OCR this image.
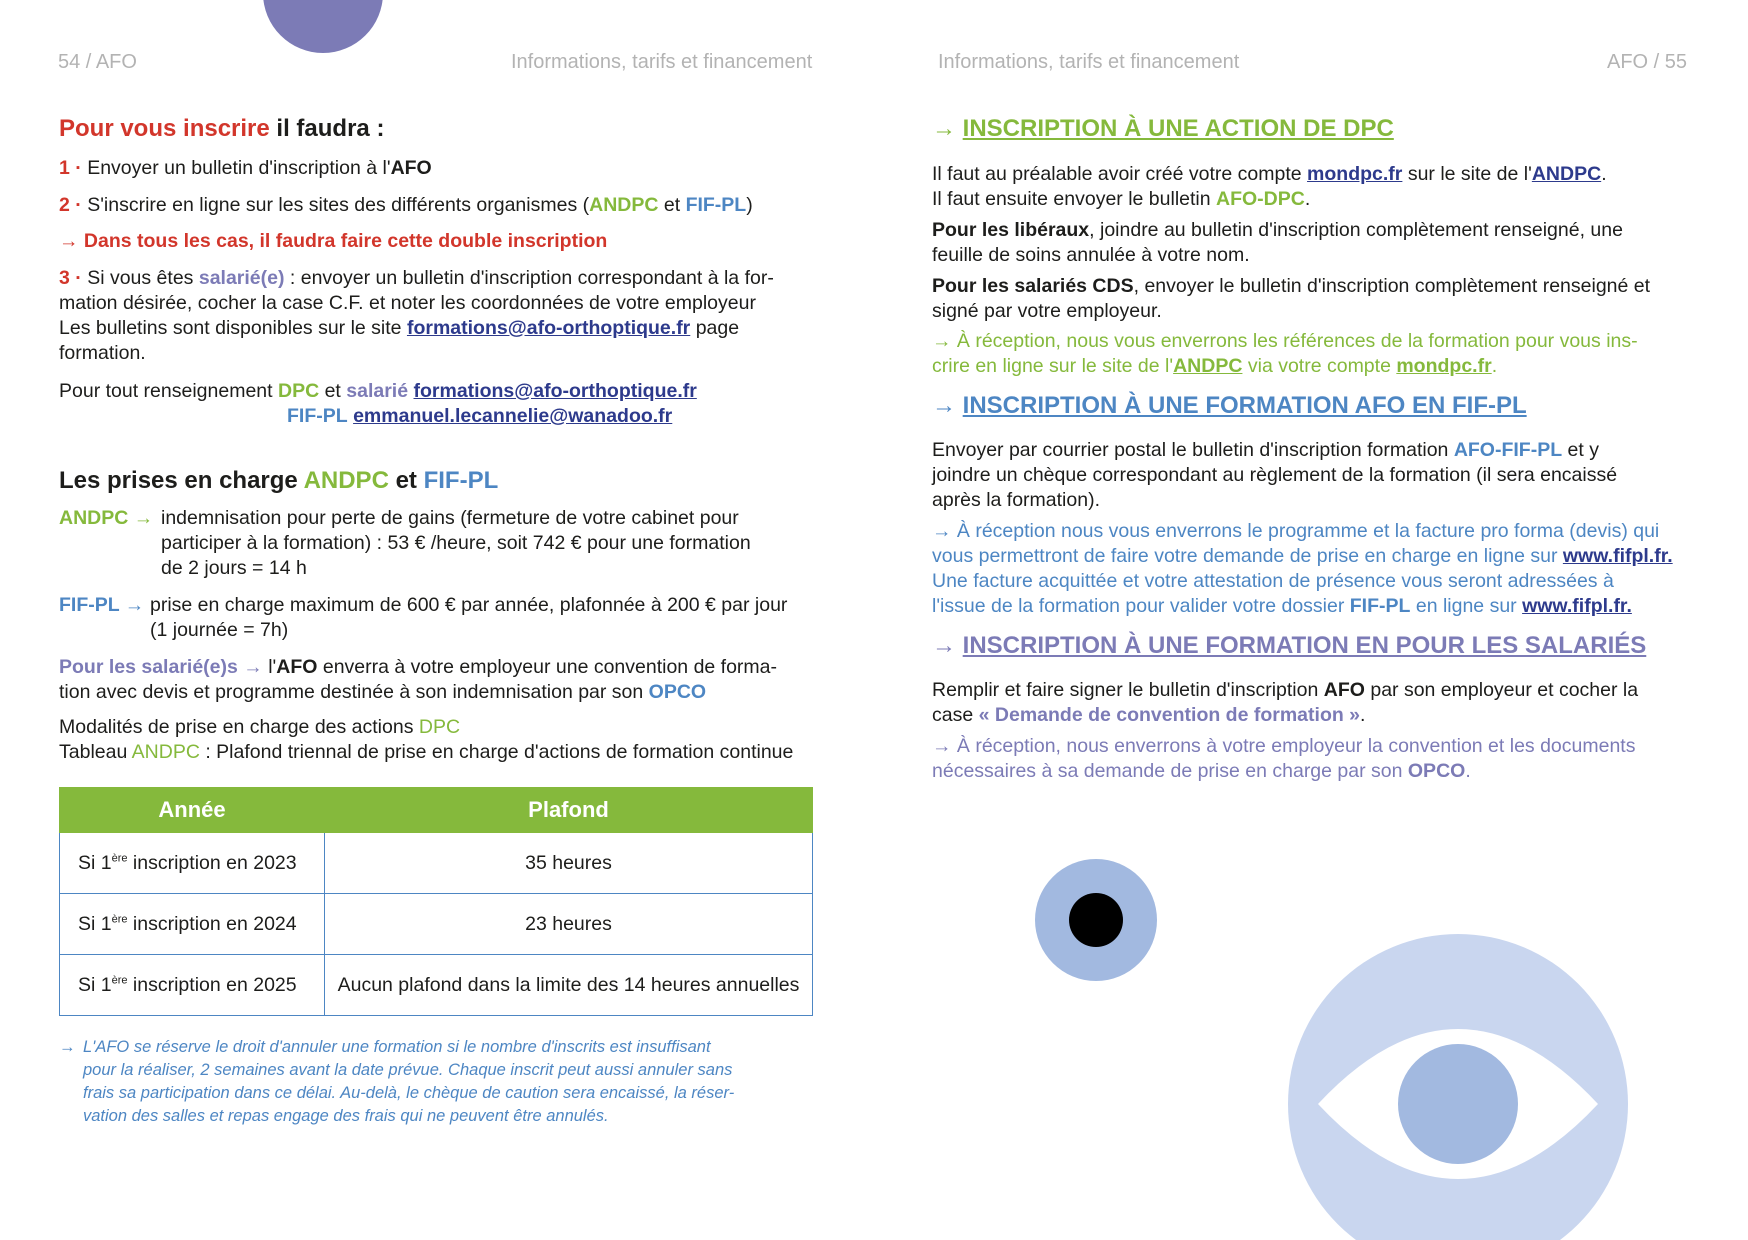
54 / AFO	Informations, tarifs et financement	Informations, tarifs et financement	AFO / 55
Pour vous inscrire il faudra :
1 · Envoyer un bulletin d'inscription à l'AFO
2 · S'inscrire en ligne sur les sites des différents organismes (ANDPC et FIF-PL)
→ Dans tous les cas, il faudra faire cette double inscription
3 · Si vous êtes salarié(e) : envoyer un bulletin d'inscription correspondant à la for-
mation désirée, cocher la case C.F. et noter les coordonnées de votre employeur
Les bulletins sont disponibles sur le site formations@afo-orthoptique.fr page
formation.
Pour tout renseignement DPC et salarié formations@afo-orthoptique.fr
FIF-PL emmanuel.lecannelie@wanadoo.fr
Les prises en charge ANDPC et FIF-PL
ANDPC → indemnisation pour perte de gains (fermeture de votre cabinet pour
participer à la formation) : 53 € /heure, soit 742 € pour une formation
de 2 jours = 14 h
FIF-PL → prise en charge maximum de 600 € par année, plafonnée à 200 € par jour
(1 journée = 7h)
Pour les salarié(e)s → l'AFO enverra à votre employeur une convention de forma-
tion avec devis et programme destinée à son indemnisation par son OPCO
Modalités de prise en charge des actions DPC
Tableau ANDPC : Plafond triennal de prise en charge d'actions de formation continue
Année	Plafond
Si 1ère inscription en 2023	35 heures
Si 1ère inscription en 2024	23 heures
Si 1ère inscription en 2025	Aucun plafond dans la limite des 14 heures annuelles
→ L'AFO se réserve le droit d'annuler une formation si le nombre d'inscrits est insuffisant
pour la réaliser, 2 semaines avant la date prévue. Chaque inscrit peut aussi annuler sans
frais sa participation dans ce délai. Au-delà, le chèque de caution sera encaissé, la réser-
vation des salles et repas engage des frais qui ne peuvent être annulés.
→ INSCRIPTION À UNE ACTION DE DPC
Il faut au préalable avoir créé votre compte mondpc.fr sur le site de l'ANDPC.
Il faut ensuite envoyer le bulletin AFO-DPC.
Pour les libéraux, joindre au bulletin d'inscription complètement renseigné, une
feuille de soins annulée à votre nom.
Pour les salariés CDS, envoyer le bulletin d'inscription complètement renseigné et
signé par votre employeur.
→ À réception, nous vous enverrons les références de la formation pour vous ins-
crire en ligne sur le site de l'ANDPC via votre compte mondpc.fr.
→ INSCRIPTION À UNE FORMATION AFO EN FIF-PL
Envoyer par courrier postal le bulletin d'inscription formation AFO-FIF-PL et y
joindre un chèque correspondant au règlement de la formation (il sera encaissé
après la formation).
→ À réception nous vous enverrons le programme et la facture pro forma (devis) qui
vous permettront de faire votre demande de prise en charge en ligne sur www.fifpl.fr.
Une facture acquittée et votre attestation de présence vous seront adressées à
l'issue de la formation pour valider votre dossier FIF-PL en ligne sur www.fifpl.fr.
→ INSCRIPTION À UNE FORMATION EN POUR LES SALARIÉS
Remplir et faire signer le bulletin d'inscription AFO par son employeur et cocher la
case « Demande de convention de formation ».
→ À réception, nous enverrons à votre employeur la convention et les documents
nécessaires à sa demande de prise en charge par son OPCO.
